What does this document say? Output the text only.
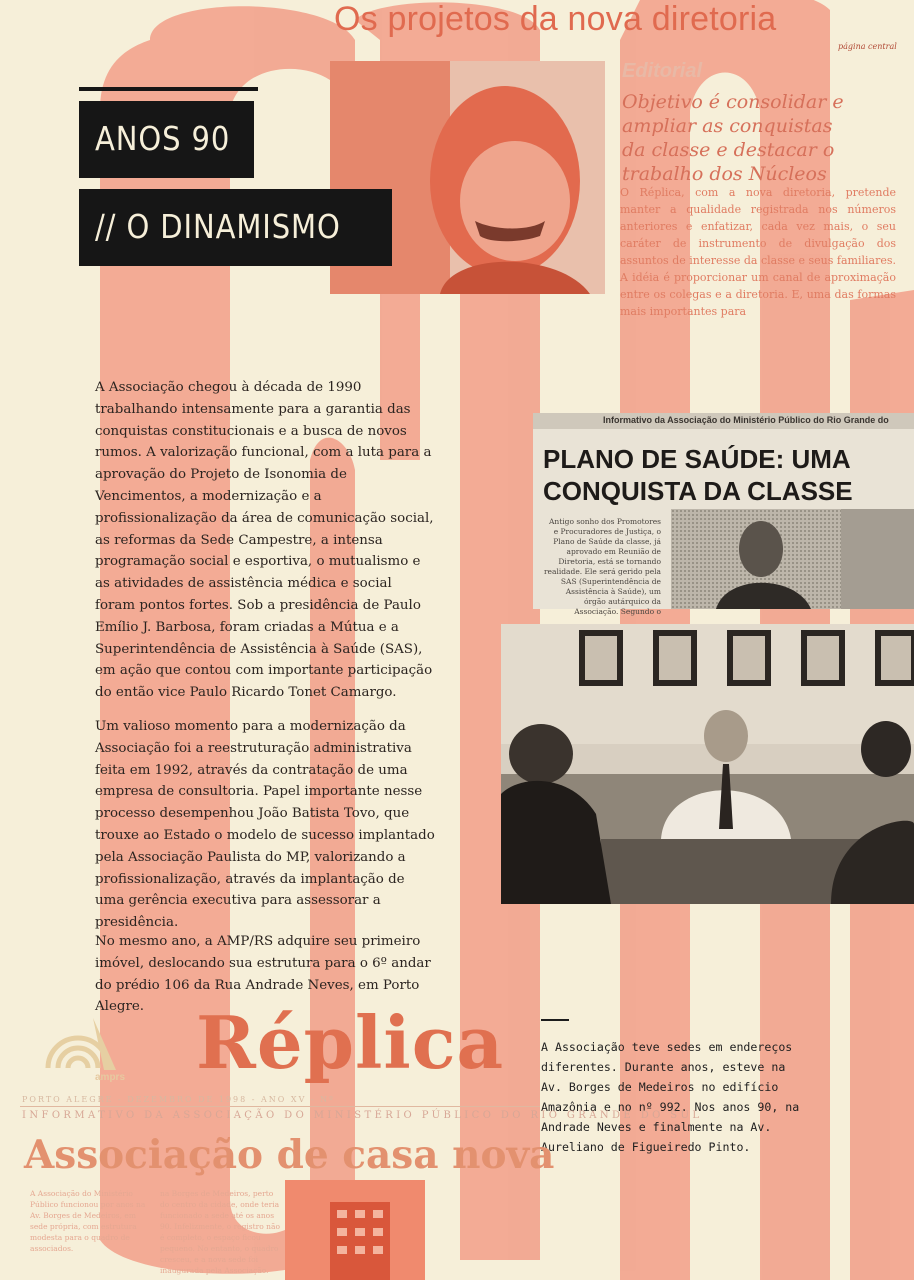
Os projetos da nova diretoria
página central
Editorial
Objetivo é consolidar e ampliar as conquistas da classe e destacar o trabalho dos Núcleos
O Réplica, com a nova diretoria, pretende manter a qualidade registrada nos números anteriores e enfatizar, cada vez mais, o seu caráter de instrumento de divulgação dos assuntos de interesse da classe e seus familiares. A idéia é proporcionar um canal de aproximação entre os colegas e a diretoria. E, uma das formas mais importantes para
ANOS 90
// O DINAMISMO

A Associação chegou à década de 1990 trabalhando intensamente para a garantia das conquistas constitucionais e a busca de novos rumos. A valorização funcional, com a luta para a aprovação do Projeto de Isonomia de Vencimentos, a modernização e a profissionalização da área de comunicação social, as reformas da Sede Campestre, a intensa programação social e esportiva, o mutualismo e as atividades de assistência médica e social foram pontos fortes. Sob a presidência de Paulo Emílio J. Barbosa, foram criadas a Mútua e a Superintendência de Assistência à Saúde (SAS), em ação que contou com importante participação do então vice Paulo Ricardo Tonet Camargo.

Um valioso momento para a modernização da Associação foi a reestruturação administrativa feita em 1992, através da contratação de uma empresa de consultoria. Papel importante nesse processo desempenhou João Batista Tovo, que trouxe ao Estado o modelo de sucesso implantado pela Associação Paulista do MP, valorizando a profissionalização, através da implantação de uma gerência executiva para assessorar a presidência.

No mesmo ano, a AMP/RS adquire seu primeiro imóvel, deslocando sua estrutura para o 6º andar do prédio 106 da Rua Andrade Neves, em Porto Alegre.

Informativo da Associação do Ministério Público do Rio Grande do
PLANO DE SAÚDE: UMA
CONQUISTA DA CLASSE
Antigo sonho dos Promotores e Procuradores de Justiça, o Plano de Saúde da classe, já aprovado em Reunião de Diretoria, está se tornando realidade. Ele será gerido pela SAS (Superintendência de Assistência à Saúde), um órgão autárquico da Associação. Segundo o
A Associação teve sedes em endereços diferentes. Durante anos, esteve na Av. Borges de Medeiros no edifício Amazônia e no nº 992. Nos anos 90, na Andrade Neves e finalmente na Av. Aureliano de Figueiredo Pinto.
amprs Réplica
PORTO ALEGRE - DEZEMBRO DE 1998 - ANO XV - Nº
INFORMATIVO DA ASSOCIAÇÃO DO MINISTÉRIO PÚBLICO DO RIO GRANDE DO SUL
Associação de casa nova
A Associação do Ministério Público funcionou por anos na Av. Borges de Medeiros, em sede própria, com estrutura modesta para o quadro de associados.
na Borges de Medeiros, perto do centro da cidade, onde teria funcionado a sede até os anos 90. Infelizmente, o registro não é completo, o espaço ficou pequeno. No entanto, o quadro cresceu, e a nova sede foi inaugurada pela Associação.
